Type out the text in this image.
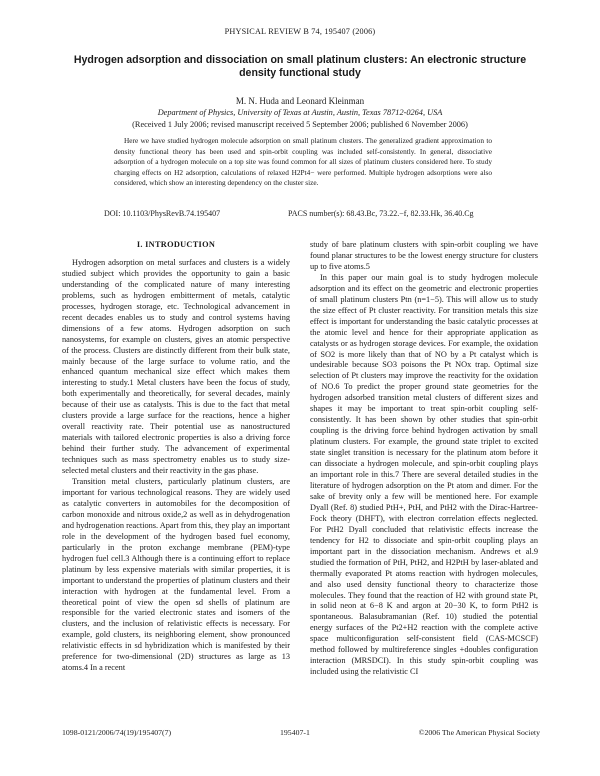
PHYSICAL REVIEW B 74, 195407 (2006)
Hydrogen adsorption and dissociation on small platinum clusters: An electronic structure density functional study
M. N. Huda and Leonard Kleinman
Department of Physics, University of Texas at Austin, Austin, Texas 78712-0264, USA
(Received 1 July 2006; revised manuscript received 5 September 2006; published 6 November 2006)

Here we have studied hydrogen molecule adsorption on small platinum clusters. The generalized gradient approximation to density functional theory has been used and spin-orbit coupling was included self-consistently. In general, dissociative adsorption of a hydrogen molecule on a top site was found common for all sizes of platinum clusters considered here. To study charging effects on H2 adsorption, calculations of relaxed H2Pt4− were performed. Multiple hydrogen adsorptions were also considered, which show an interesting dependency on the cluster size.

DOI: 10.1103/PhysRevB.74.195407	PACS number(s): 68.43.Bc, 73.22.−f, 82.33.Hk, 36.40.Cg
I. INTRODUCTION

Hydrogen adsorption on metal surfaces and clusters is a widely studied subject which provides the opportunity to gain a basic understanding of the complicated nature of many interesting problems, such as hydrogen embitterment of metals, catalytic processes, hydrogen storage, etc. Technological advancement in recent decades enables us to study and control systems having dimensions of a few atoms. Hydrogen adsorption on such nanosystems, for example on clusters, gives an atomic perspective of the process. Clusters are distinctly different from their bulk state, mainly because of the large surface to volume ratio, and the enhanced quantum mechanical size effect which makes them interesting to study.1 Metal clusters have been the focus of study, both experimentally and theoretically, for several decades, mainly because of their use as catalysts. This is due to the fact that metal clusters provide a large surface for the reactions, hence a higher overall reactivity rate. Their potential use as nanostructured materials with tailored electronic properties is also a driving force behind their further study. The advancement of experimental techniques such as mass spectrometry enables us to study size-selected metal clusters and their reactivity in the gas phase.

Transition metal clusters, particularly platinum clusters, are important for various technological reasons. They are widely used as catalytic converters in automobiles for the decomposition of carbon monoxide and nitrous oxide,2 as well as in dehydrogenation and hydrogenation reactions. Apart from this, they play an important role in the development of the hydrogen based fuel economy, particularly in the proton exchange membrane (PEM)-type hydrogen fuel cell.3 Although there is a continuing effort to replace platinum by less expensive materials with similar properties, it is important to understand the properties of platinum clusters and their interaction with hydrogen at the fundamental level. From a theoretical point of view the open sd shells of platinum are responsible for the varied electronic states and isomers of the clusters, and the inclusion of relativistic effects is necessary. For example, gold clusters, its neighboring element, show pronounced relativistic effects in sd hybridization which is manifested by their preference for two-dimensional (2D) structures as large as 13 atoms.4 In a recent

study of bare platinum clusters with spin-orbit coupling we have found planar structures to be the lowest energy structure for clusters up to five atoms.5

In this paper our main goal is to study hydrogen molecule adsorption and its effect on the geometric and electronic properties of small platinum clusters Ptn (n=1−5). This will allow us to study the size effect of Pt cluster reactivity. For transition metals this size effect is important for understanding the basic catalytic processes at the atomic level and hence for their appropriate application as catalysts or as hydrogen storage devices. For example, the oxidation of SO2 is more likely than that of NO by a Pt catalyst which is undesirable because SO3 poisons the Pt NOx trap. Optimal size selection of Pt clusters may improve the reactivity for the oxidation of NO.6 To predict the proper ground state geometries for the hydrogen adsorbed transition metal clusters of different sizes and shapes it may be important to treat spin-orbit coupling self-consistently. It has been shown by other studies that spin-orbit coupling is the driving force behind hydrogen activation by small platinum clusters. For example, the ground state triplet to excited state singlet transition is necessary for the platinum atom before it can dissociate a hydrogen molecule, and spin-orbit coupling plays an important role in this.7 There are several detailed studies in the literature of hydrogen adsorption on the Pt atom and dimer. For the sake of brevity only a few will be mentioned here. For example Dyall (Ref. 8) studied PtH+, PtH, and PtH2 with the Dirac-Hartree-Fock theory (DHFT), with electron correlation effects neglected. For PtH2 Dyall concluded that relativistic effects increase the tendency for H2 to dissociate and spin-orbit coupling plays an important part in the dissociation mechanism. Andrews et al.9 studied the formation of PtH, PtH2, and H2PtH by laser-ablated and thermally evaporated Pt atoms reaction with hydrogen molecules, and also used density functional theory to characterize those molecules. They found that the reaction of H2 with ground state Pt, in solid neon at 6−8 K and argon at 20−30 K, to form PtH2 is spontaneous. Balasubramanian (Ref. 10) studied the potential energy surfaces of the Pt2+H2 reaction with the complete active space multiconfiguration self-consistent field (CAS-MCSCF) method followed by multireference singles +doubles configuration interaction (MRSDCI). In this study spin-orbit coupling was included using the relativistic CI

1098-0121/2006/74(19)/195407(7)	195407-1	©2006 The American Physical Society
